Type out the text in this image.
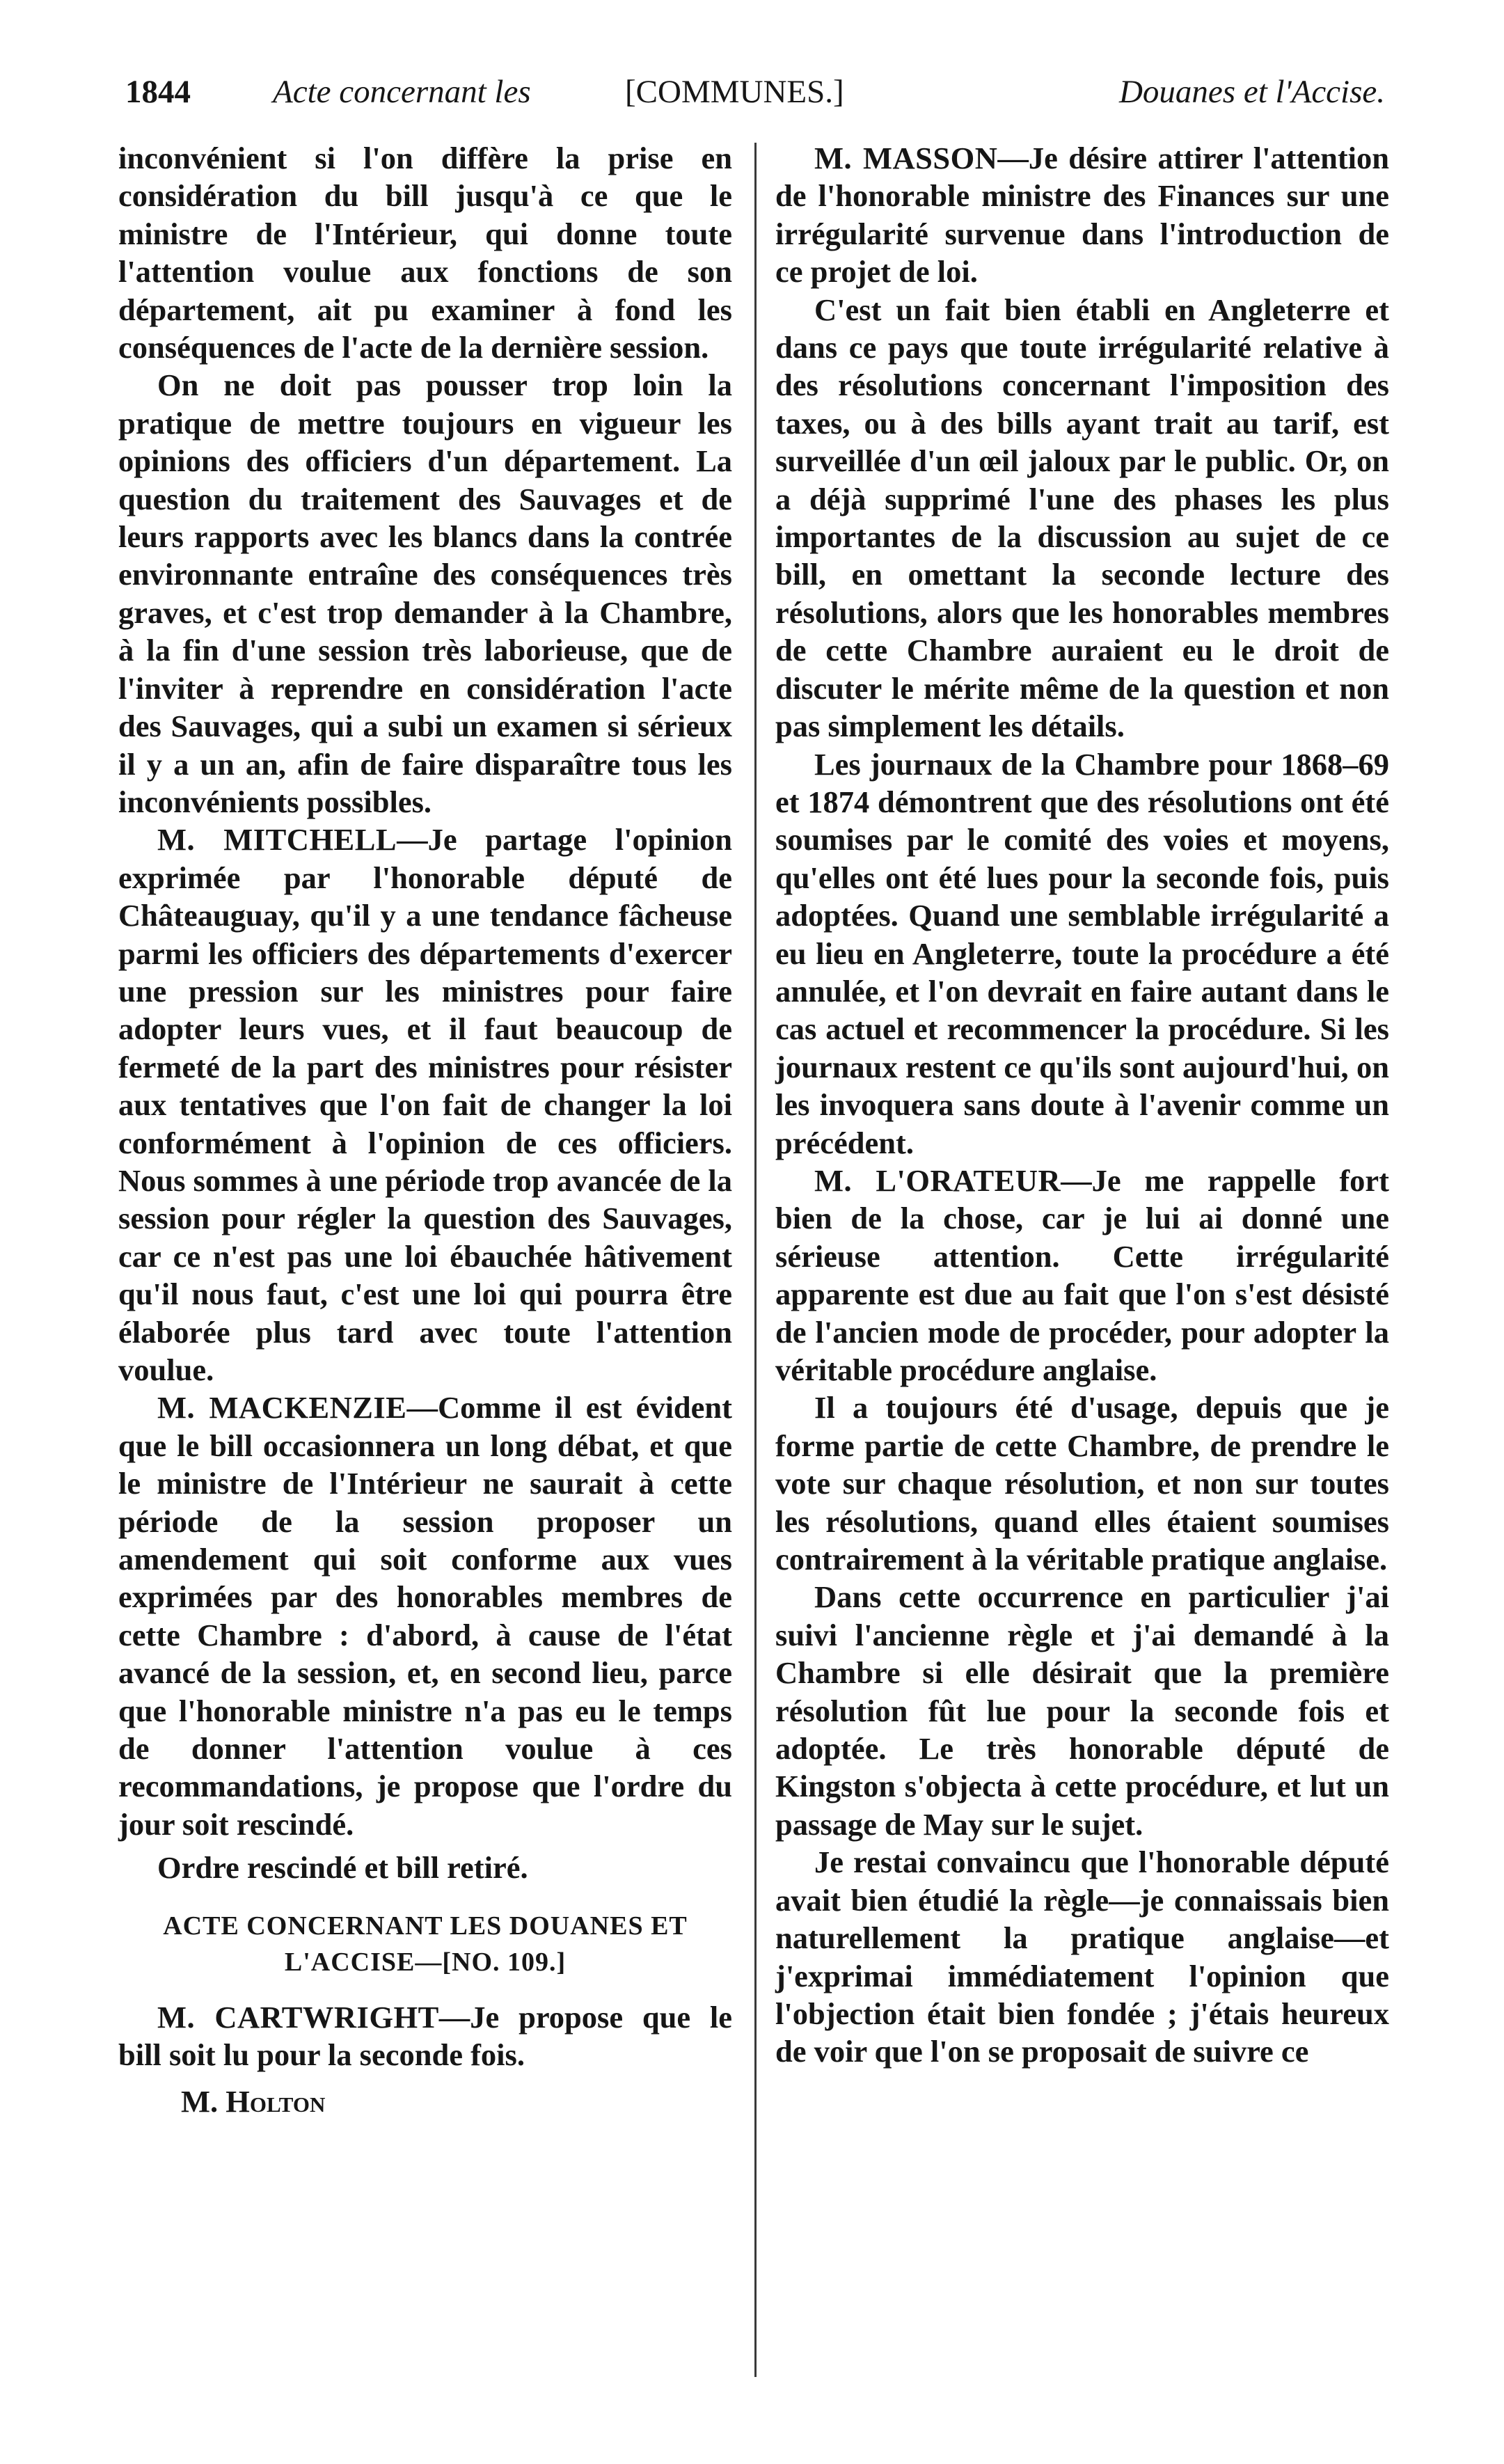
1844	Acte concernant les	[COMMUNES.]	Douanes et l'Accise.

inconvénient si l'on diffère la prise en considération du bill jusqu'à ce que le ministre de l'Intérieur, qui donne toute l'attention voulue aux fonctions de son département, ait pu examiner à fond les conséquences de l'acte de la dernière session.

On ne doit pas pousser trop loin la pratique de mettre toujours en vigueur les opinions des officiers d'un département. La question du traitement des Sauvages et de leurs rapports avec les blancs dans la contrée environnante entraîne des conséquences très graves, et c'est trop demander à la Chambre, à la fin d'une session très laborieuse, que de l'inviter à reprendre en considération l'acte des Sauvages, qui a subi un examen si sérieux il y a un an, afin de faire disparaître tous les inconvénients possibles.

M. MITCHELL—Je partage l'opinion exprimée par l'honorable député de Châteauguay, qu'il y a une tendance fâcheuse parmi les officiers des départements d'exercer une pression sur les ministres pour faire adopter leurs vues, et il faut beaucoup de fermeté de la part des ministres pour résister aux tentatives que l'on fait de changer la loi conformément à l'opinion de ces officiers. Nous sommes à une période trop avancée de la session pour régler la question des Sauvages, car ce n'est pas une loi ébauchée hâtivement qu'il nous faut, c'est une loi qui pourra être élaborée plus tard avec toute l'attention voulue.

M. MACKENZIE—Comme il est évident que le bill occasionnera un long débat, et que le ministre de l'Intérieur ne saurait à cette période de la session proposer un amendement qui soit conforme aux vues exprimées par des honorables membres de cette Chambre : d'abord, à cause de l'état avancé de la session, et, en second lieu, parce que l'honorable ministre n'a pas eu le temps de donner l'attention voulue à ces recommandations, je propose que l'ordre du jour soit rescindé.

Ordre rescindé et bill retiré.

ACTE CONCERNANT LES DOUANES ET
L'ACCISE—[NO. 109.]

M. CARTWRIGHT—Je propose que le bill soit lu pour la seconde fois.

M. Holton

M. MASSON—Je désire attirer l'attention de l'honorable ministre des Finances sur une irrégularité survenue dans l'introduction de ce projet de loi.

C'est un fait bien établi en Angleterre et dans ce pays que toute irrégularité relative à des résolutions concernant l'imposition des taxes, ou à des bills ayant trait au tarif, est surveillée d'un œil jaloux par le public. Or, on a déjà supprimé l'une des phases les plus importantes de la discussion au sujet de ce bill, en omettant la seconde lecture des résolutions, alors que les honorables membres de cette Chambre auraient eu le droit de discuter le mérite même de la question et non pas simplement les détails.

Les journaux de la Chambre pour 1868–69 et 1874 démontrent que des résolutions ont été soumises par le comité des voies et moyens, qu'elles ont été lues pour la seconde fois, puis adoptées. Quand une semblable irrégularité a eu lieu en Angleterre, toute la procédure a été annulée, et l'on devrait en faire autant dans le cas actuel et recommencer la procédure. Si les journaux restent ce qu'ils sont aujourd'hui, on les invoquera sans doute à l'avenir comme un précédent.

M. L'ORATEUR—Je me rappelle fort bien de la chose, car je lui ai donné une sérieuse attention. Cette irrégularité apparente est due au fait que l'on s'est désisté de l'ancien mode de procéder, pour adopter la véritable procédure anglaise.

Il a toujours été d'usage, depuis que je forme partie de cette Chambre, de prendre le vote sur chaque résolution, et non sur toutes les résolutions, quand elles étaient soumises contrairement à la véritable pratique anglaise.

Dans cette occurrence en particulier j'ai suivi l'ancienne règle et j'ai demandé à la Chambre si elle désirait que la première résolution fût lue pour la seconde fois et adoptée. Le très honorable député de Kingston s'objecta à cette procédure, et lut un passage de May sur le sujet.

Je restai convaincu que l'honorable député avait bien étudié la règle—je connaissais bien naturellement la pratique anglaise—et j'exprimai immédiatement l'opinion que l'objection était bien fondée ; j'étais heureux de voir que l'on se proposait de suivre ce
